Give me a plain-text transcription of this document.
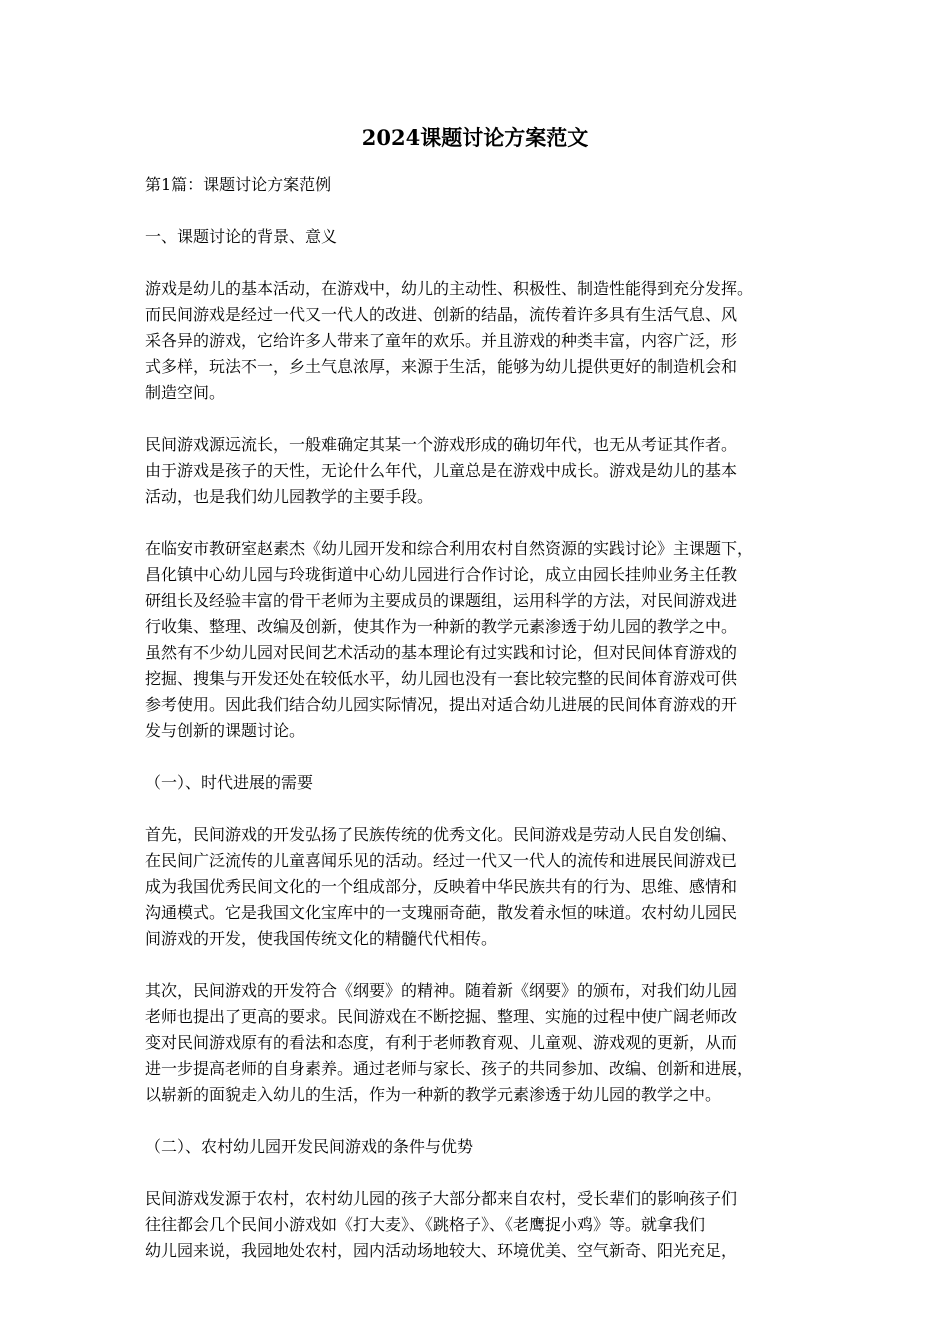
2024课题讨论方案范文

第1篇：课题讨论方案范例

一、课题讨论的背景、意义

游戏是幼儿的基本活动，在游戏中，幼儿的主动性、积极性、制造性能得到充分发挥。
而民间游戏是经过一代又一代人的改进、创新的结晶，流传着许多具有生活气息、风
采各异的游戏，它给许多人带来了童年的欢乐。并且游戏的种类丰富，内容广泛，形
式多样，玩法不一，乡土气息浓厚，来源于生活，能够为幼儿提供更好的制造机会和
制造空间。

民间游戏源远流长，一般难确定其某一个游戏形成的确切年代，也无从考证其作者。
由于游戏是孩子的天性，无论什么年代，儿童总是在游戏中成长。游戏是幼儿的基本
活动，也是我们幼儿园教学的主要手段。

在临安市教研室赵素杰《幼儿园开发和综合利用农村自然资源的实践讨论》主课题下，
昌化镇中心幼儿园与玲珑街道中心幼儿园进行合作讨论，成立由园长挂帅业务主任教
研组长及经验丰富的骨干老师为主要成员的课题组，运用科学的方法，对民间游戏进
行收集、整理、改编及创新，使其作为一种新的教学元素渗透于幼儿园的教学之中。
虽然有不少幼儿园对民间艺术活动的基本理论有过实践和讨论，但对民间体育游戏的
挖掘、搜集与开发还处在较低水平，幼儿园也没有一套比较完整的民间体育游戏可供
参考使用。因此我们结合幼儿园实际情况，提出对适合幼儿进展的民间体育游戏的开
发与创新的课题讨论。

（一）、时代进展的需要

首先，民间游戏的开发弘扬了民族传统的优秀文化。民间游戏是劳动人民自发创编、
在民间广泛流传的儿童喜闻乐见的活动。经过一代又一代人的流传和进展民间游戏已
成为我国优秀民间文化的一个组成部分，反映着中华民族共有的行为、思维、感情和
沟通模式。它是我国文化宝库中的一支瑰丽奇葩，散发着永恒的味道。农村幼儿园民
间游戏的开发，使我国传统文化的精髓代代相传。

其次，民间游戏的开发符合《纲要》的精神。随着新《纲要》的颁布，对我们幼儿园
老师也提出了更高的要求。民间游戏在不断挖掘、整理、实施的过程中使广阔老师改
变对民间游戏原有的看法和态度，有利于老师教育观、儿童观、游戏观的更新，从而
进一步提高老师的自身素养。通过老师与家长、孩子的共同参加、改编、创新和进展，
以崭新的面貌走入幼儿的生活，作为一种新的教学元素渗透于幼儿园的教学之中。

（二）、农村幼儿园开发民间游戏的条件与优势

民间游戏发源于农村，农村幼儿园的孩子大部分都来自农村，受长辈们的影响孩子们
往往都会几个民间小游戏如《打大麦》、《跳格子》、《老鹰捉小鸡》等。就拿我们
幼儿园来说，我园地处农村，园内活动场地较大、环境优美、空气新奇、阳光充足，
